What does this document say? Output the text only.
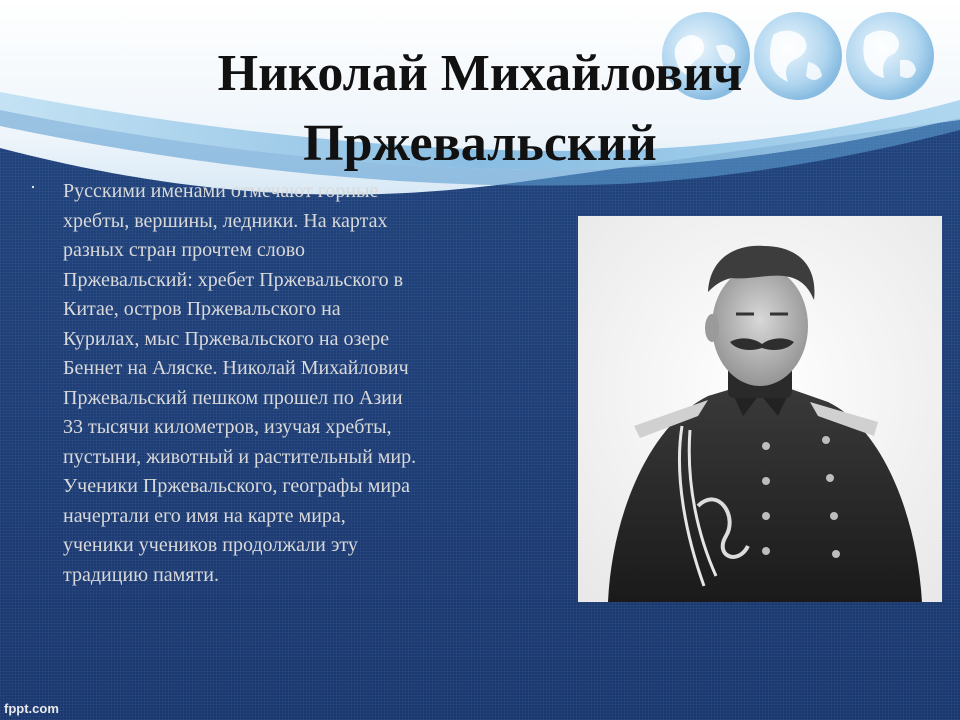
Николай Михайлович
Пржевальский
· Русскими именами отмечают горные
хребты, вершины, ледники. На картах
разных стран прочтем слово
Пржевальский: хребет Пржевальского в
Китае, остров Пржевальского на
Курилах, мыс Пржевальского на озере
Беннет на Аляске. Николай Михайлович
Пржевальский пешком прошел по Азии
33 тысячи километров, изучая хребты,
пустыни, животный и растительный мир.
Ученики Пржевальского, географы мира
начертали его имя на карте мира,
ученики учеников продолжали эту
традицию памяти.

fppt.com
